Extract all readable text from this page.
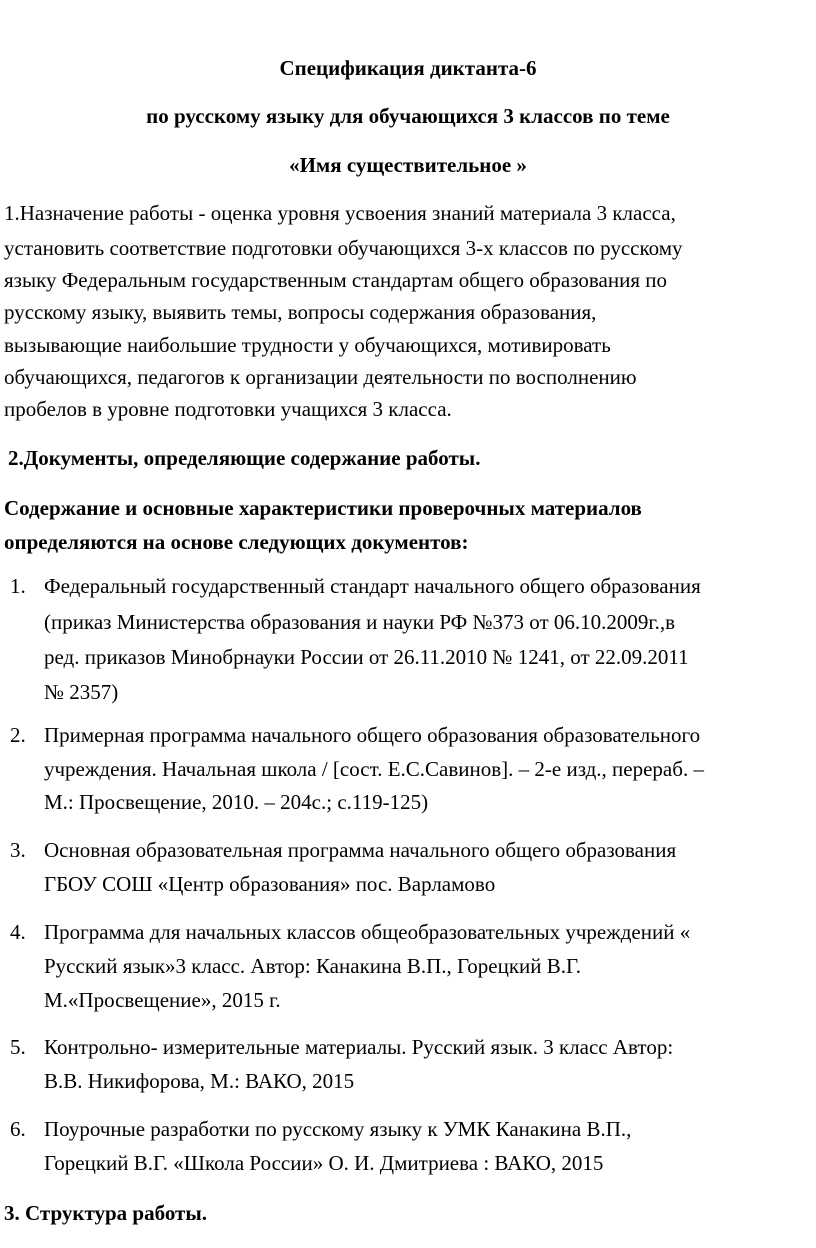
Спецификация диктанта-6
по русскому языку для обучающихся 3 классов по теме
«Имя существительное »
1.Назначение работы - оценка уровня усвоения знаний материала 3 класса,
установить соответствие подготовки обучающихся 3-х классов по русскому
языку Федеральным государственным стандартам общего образования по
русскому языку, выявить темы, вопросы содержания образования,
вызывающие наибольшие трудности у обучающихся, мотивировать
обучающихся, педагогов к организации деятельности по восполнению
пробелов в уровне подготовки учащихся 3 класса.
2.Документы, определяющие содержание работы.
Содержание и основные характеристики проверочных материалов
определяются на основе следующих документов:
1. Федеральный государственный стандарт начального общего образования
(приказ Министерства образования и науки РФ №373 от 06.10.2009г.,в
ред. приказов Минобрнауки России от 26.11.2010 № 1241, от 22.09.2011
№ 2357)
2. Примерная программа начального общего образования образовательного
учреждения. Начальная школа / [сост. Е.С.Савинов]. – 2-е изд., перераб. –
М.: Просвещение, 2010. – 204с.; с.119-125)
3. Основная образовательная программа начального общего образования
ГБОУ СОШ «Центр образования» пос. Варламово
4. Программа для начальных классов общеобразовательных учреждений «
Русский язык»3 класс. Автор: Канакина В.П., Горецкий В.Г.
М.«Просвещение», 2015 г.
5. Контрольно- измерительные материалы. Русский язык. 3 класс Автор:
В.В. Никифорова, М.: ВАКО, 2015
6. Поурочные разработки по русскому языку к УМК Канакина В.П.,
Горецкий В.Г. «Школа России» О. И. Дмитриева : ВАКО, 2015
3. Структура работы.
